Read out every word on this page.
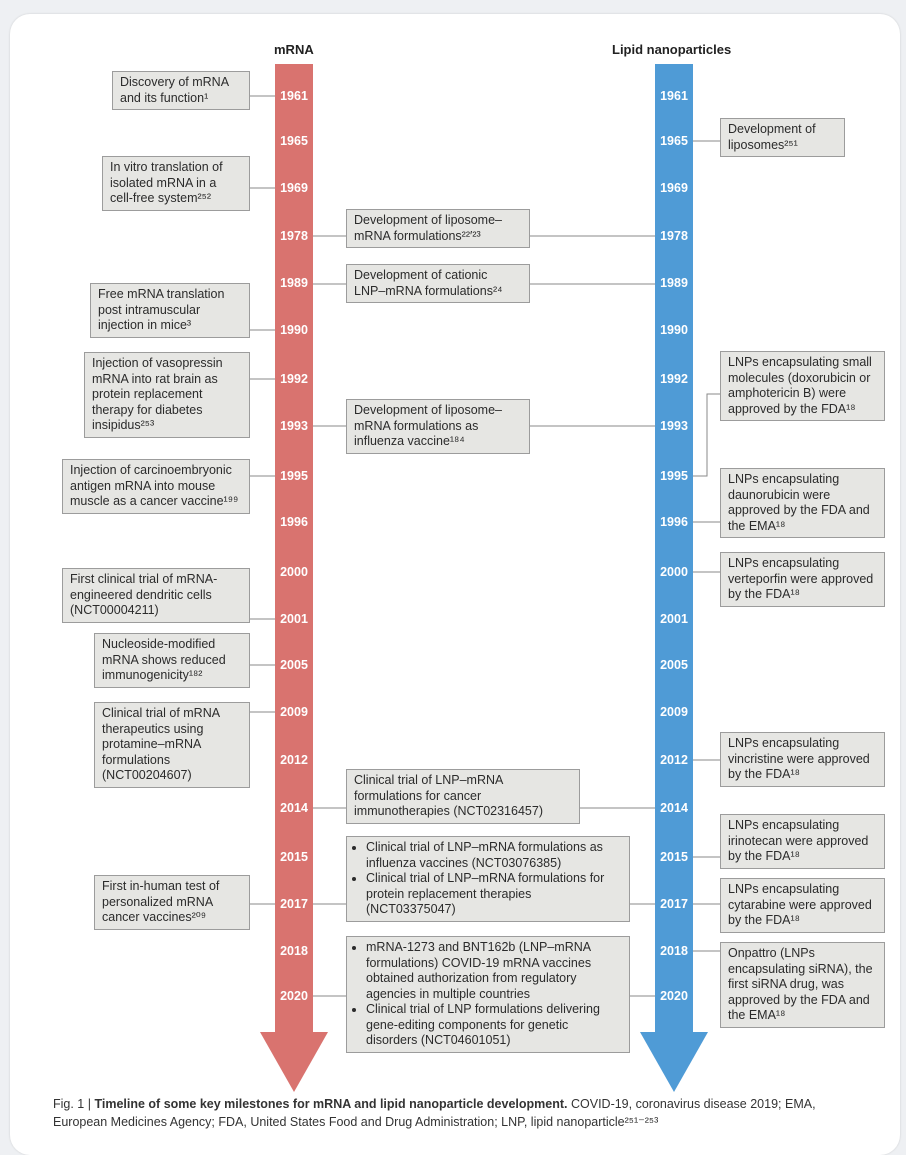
mRNA	Lipid nanoparticles
1961
1965
1969
1978
1989
1990
1992
1993
1995
1996
2000
2001
2005
2009
2012
2014
2015
2017
2018
2020
1961
1965
1969
1978
1989
1990
1992
1993
1995
1996
2000
2001
2005
2009
2012
2014
2015
2017
2018
2020
Discovery of mRNA and its function¹
In vitro translation of isolated mRNA in a cell-free system²⁵²
Free mRNA translation post intramuscular injection in mice³
Injection of vasopressin mRNA into rat brain as protein replacement therapy for diabetes insipidus²⁵³
Injection of carcinoembryonic antigen mRNA into mouse muscle as a cancer vaccine¹⁹⁹
First clinical trial of mRNA-engineered dendritic cells (NCT00004211)
Nucleoside-modified mRNA shows reduced immunogenicity¹⁸²
Clinical trial of mRNA therapeutics using protamine–mRNA formulations (NCT00204607)
First in-human test of personalized mRNA cancer vaccines²⁰⁹
Development of liposome–mRNA formulations²²′²³
Development of cationic LNP–mRNA formulations²⁴
Development of liposome–mRNA formulations as influenza vaccine¹⁸⁴
Clinical trial of LNP–mRNA formulations for cancer immunotherapies (NCT02316457)
• Clinical trial of LNP–mRNA formulations as influenza vaccines (NCT03076385)
• Clinical trial of LNP–mRNA formulations for protein replacement therapies (NCT03375047)
• mRNA-1273 and BNT162b (LNP–mRNA formulations) COVID-19 mRNA vaccines obtained authorization from regulatory agencies in multiple countries
• Clinical trial of LNP formulations delivering gene-editing components for genetic disorders (NCT04601051)
Development of liposomes²⁵¹
LNPs encapsulating small molecules (doxorubicin or amphotericin B) were approved by the FDA¹⁸
LNPs encapsulating daunorubicin were approved by the FDA and the EMA¹⁸
LNPs encapsulating verteporfin were approved by the FDA¹⁸
LNPs encapsulating vincristine were approved by the FDA¹⁸
LNPs encapsulating irinotecan were approved by the FDA¹⁸
LNPs encapsulating cytarabine were approved by the FDA¹⁸
Onpattro (LNPs encapsulating siRNA), the first siRNA drug, was approved by the FDA and the EMA¹⁸
Fig. 1 | Timeline of some key milestones for mRNA and lipid nanoparticle development. COVID-19, coronavirus disease 2019; EMA, European Medicines Agency; FDA, United States Food and Drug Administration; LNP, lipid nanoparticle²⁵¹⁻²⁵³
